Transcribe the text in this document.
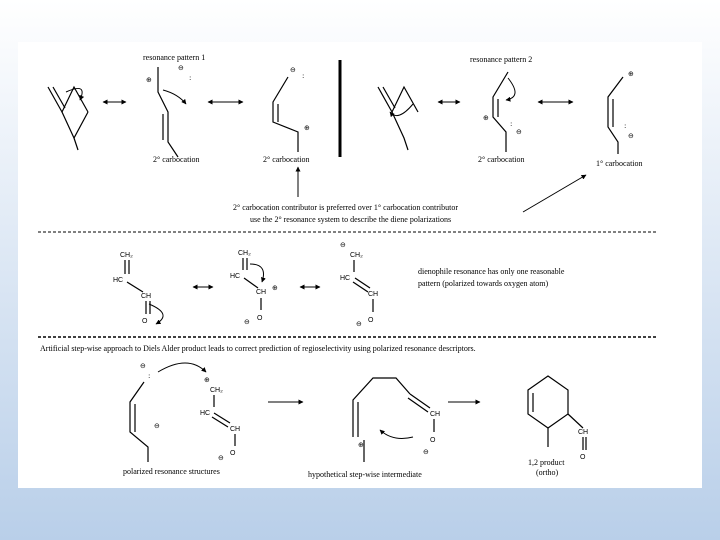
resonance pattern 1
⊕
⊖
:
2° carbocation
⊖
:
⊕
2° carbocation
resonance pattern 2
⊕
⊖
:
2° carbocation
⊕
:
⊖
1° carbocation
2° carbocation contributor is preferred over 1° carbocation contributor
use the 2° resonance system to describe the diene polarizations
CH₂
HC
CH
O
CH₂
HC
CH
⊕
O
⊖
⊖
CH₂
HC
CH
O
⊖
dienophile resonance has only one reasonable
pattern (polarized towards oxygen atom)
Artificial step-wise approach to Diels Alder product leads to correct prediction of regioselectivity using polarized resonance descriptors.
⊖
:
⊖
⊕
CH₂
HC
CH
O
⊖
polarized resonance structures
CH
O
⊖
⊕
hypothetical step-wise intermediate
CH
O
1,2 product
(ortho)
